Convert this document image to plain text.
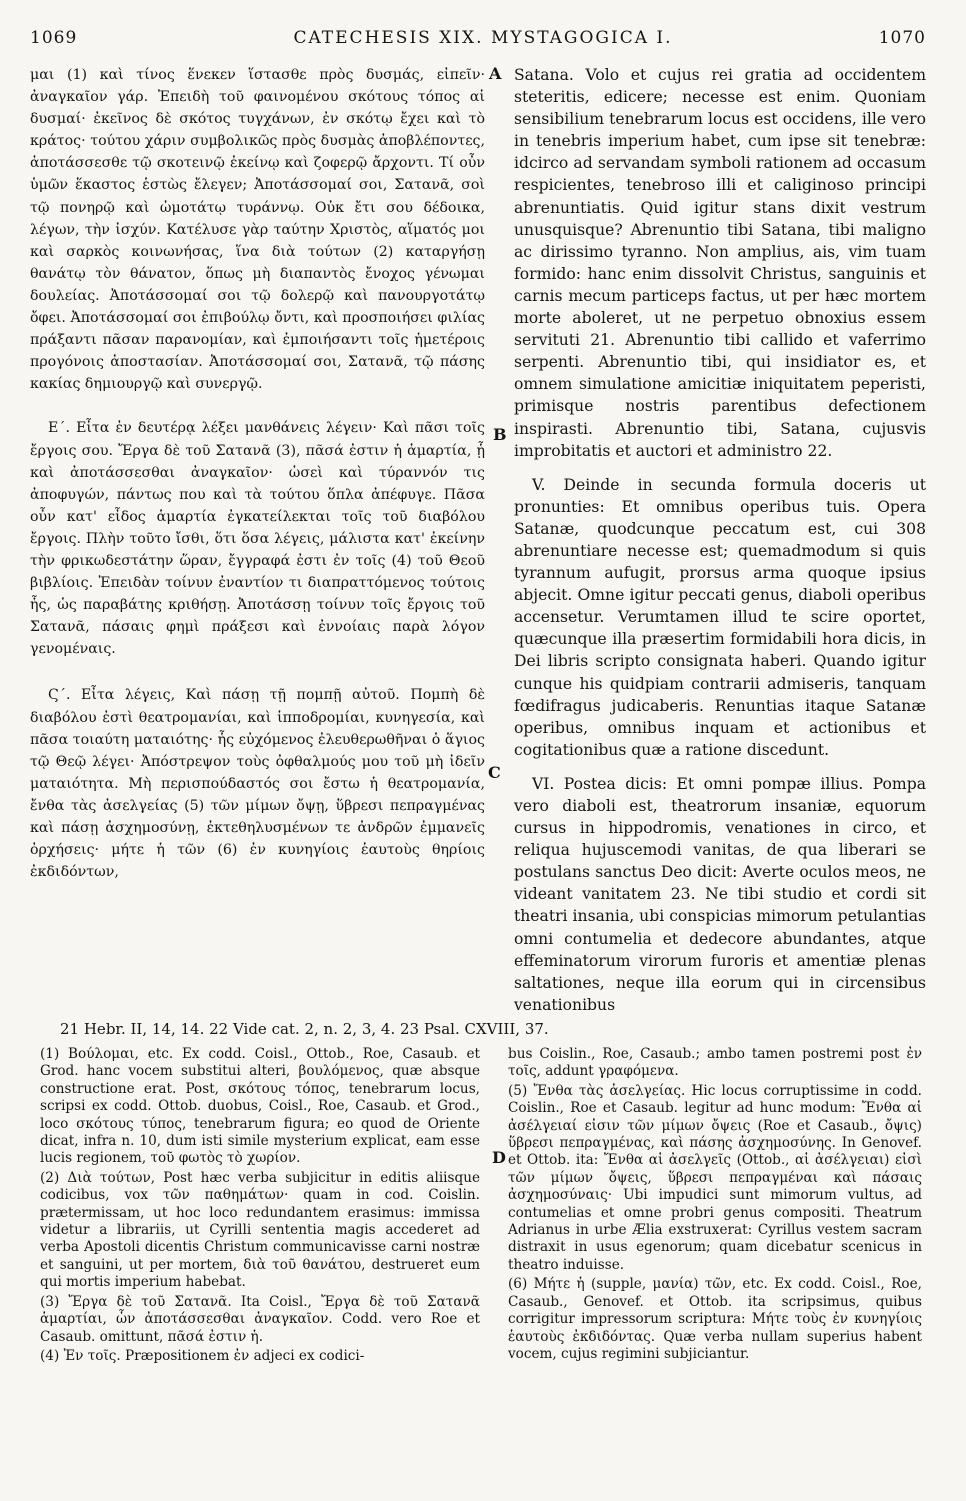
1069	CATECHESIS XIX. MYSTAGOGICA I.	1070
A
B
C
D

μαι (1) καὶ τίνος ἕνεκεν ἵστασθε πρὸς δυσμάς, εἰπεῖν· ἀναγκαῖον γάρ. Ἐπειδὴ τοῦ φαινομένου σκότους τόπος αἱ δυσμαί· ἐκεῖνος δὲ σκότος τυγχάνων, ἐν σκότῳ ἔχει καὶ τὸ κράτος· τούτου χάριν συμβολικῶς πρὸς δυσμὰς ἀποβλέποντες, ἀποτάσσεσθε τῷ σκοτεινῷ ἐκείνῳ καὶ ζοφερῷ ἄρχοντι. Τί οὖν ὑμῶν ἕκαστος ἑστὼς ἔλεγεν; Ἀποτάσσομαί σοι, Σατανᾶ, σοὶ τῷ πονηρῷ καὶ ὠμοτάτῳ τυράννῳ. Οὐκ ἔτι σου δέδοικα, λέγων, τὴν ἰσχύν. Κατέλυσε γὰρ ταύτην Χριστὸς, αἵματός μοι καὶ σαρκὸς κοινωνήσας, ἵνα διὰ τούτων (2) καταργήσῃ θανάτῳ τὸν θάνατον, ὅπως μὴ διαπαντὸς ἔνοχος γένωμαι δουλείας. Ἀποτάσσομαί σοι τῷ δολερῷ καὶ πανουργοτάτῳ ὄφει. Ἀποτάσσομαί σοι ἐπιβούλῳ ὄντι, καὶ προσποιήσει φιλίας πράξαντι πᾶσαν παρανομίαν, καὶ ἐμποιήσαντι τοῖς ἡμετέροις προγόνοις ἀποστασίαν. Ἀποτάσσομαί σοι, Σατανᾶ, τῷ πάσης κακίας δημιουργῷ καὶ συνεργῷ.

Ε΄. Εἶτα ἐν δευτέρᾳ λέξει μανθάνεις λέγειν· Καὶ πᾶσι τοῖς ἔργοις σου. Ἔργα δὲ τοῦ Σατανᾶ (3), πᾶσά ἐστιν ἡ ἁμαρτία, ᾗ καὶ ἀποτάσσεσθαι ἀναγκαῖον· ὡσεὶ καὶ τύραννόν τις ἀποφυγών, πάντως που καὶ τὰ τούτου ὅπλα ἀπέφυγε. Πᾶσα οὖν κατ' εἶδος ἁμαρτία ἐγκατείλεκται τοῖς τοῦ διαβόλου ἔργοις. Πλὴν τοῦτο ἴσθι, ὅτι ὅσα λέγεις, μάλιστα κατ' ἐκείνην τὴν φρικωδεστάτην ὥραν, ἔγγραφά ἐστι ἐν τοῖς (4) τοῦ Θεοῦ βιβλίοις. Ἐπειδὰν τοίνυν ἐναντίον τι διαπραττόμενος τούτοις ἧς, ὡς παραβάτης κριθήσῃ. Ἀποτάσσῃ τοίνυν τοῖς ἔργοις τοῦ Σατανᾶ, πάσαις φημὶ πράξεσι καὶ ἐννοίαις παρὰ λόγον γενομέναις.

Ϛ΄. Εἶτα λέγεις, Καὶ πάσῃ τῇ πομπῇ αὐτοῦ. Πομπὴ δὲ διαβόλου ἐστὶ θεατρομανίαι, καὶ ἱπποδρομίαι, κυνηγεσία, καὶ πᾶσα τοιαύτη ματαιότης· ἧς εὐχόμενος ἐλευθερωθῆναι ὁ ἅγιος τῷ Θεῷ λέγει· Ἀπόστρεψον τοὺς ὀφθαλμούς μου τοῦ μὴ ἰδεῖν ματαιότητα. Μὴ περισπούδαστός σοι ἔστω ἡ θεατρομανία, ἔνθα τὰς ἀσελγείας (5) τῶν μίμων ὄψῃ, ὕβρεσι πεπραγμένας καὶ πάσῃ ἀσχημοσύνῃ, ἐκτεθηλυσμένων τε ἀνδρῶν ἐμμανεῖς ὀρχήσεις· μήτε ἡ τῶν (6) ἐν κυνηγίοις ἑαυτοὺς θηρίοις ἐκδιδόντων,

Satana. Volo et cujus rei gratia ad occidentem steteritis, edicere; necesse est enim. Quoniam sensibilium tenebrarum locus est occidens, ille vero in tenebris imperium habet, cum ipse sit tenebræ: idcirco ad servandam symboli rationem ad occasum respicientes, tenebroso illi et caliginoso principi abrenuntiatis. Quid igitur stans dixit vestrum unusquisque? Abrenuntio tibi Satana, tibi maligno ac dirissimo tyranno. Non amplius, ais, vim tuam formido: hanc enim dissolvit Christus, sanguinis et carnis mecum particeps factus, ut per hæc mortem morte aboleret, ut ne perpetuo obnoxius essem servituti 21. Abrenuntio tibi callido et vaferrimo serpenti. Abrenuntio tibi, qui insidiator es, et omnem simulatione amicitiæ iniquitatem peperisti, primisque nostris parentibus defectionem inspirasti. Abrenuntio tibi, Satana, cujusvis improbitatis et auctori et administro 22.

V. Deinde in secunda formula doceris ut pronunties: Et omnibus operibus tuis. Opera Satanæ, quodcunque peccatum est, cui 308 abrenuntiare necesse est; quemadmodum si quis tyrannum aufugit, prorsus arma quoque ipsius abjecit. Omne igitur peccati genus, diaboli operibus accensetur. Verumtamen illud te scire oportet, quæcunque illa præsertim formidabili hora dicis, in Dei libris scripto consignata haberi. Quando igitur cunque his quidpiam contrarii admiseris, tanquam fœdifragus judicaberis. Renuntias itaque Satanæ operibus, omnibus inquam et actionibus et cogitationibus quæ a ratione discedunt.

VI. Postea dicis: Et omni pompæ illius. Pompa vero diaboli est, theatrorum insaniæ, equorum cursus in hippodromis, venationes in circo, et reliqua hujuscemodi vanitas, de qua liberari se postulans sanctus Deo dicit: Averte oculos meos, ne videant vanitatem 23. Ne tibi studio et cordi sit theatri insania, ubi conspicias mimorum petulantias omni contumelia et dedecore abundantes, atque effeminatorum virorum furoris et amentiæ plenas saltationes, neque illa eorum qui in circensibus venationibus

21 Hebr. II, 14, 14. 22 Vide cat. 2, n. 2, 3, 4. 23 Psal. CXVIII, 37.

(1) Βούλομαι, etc. Ex codd. Coisl., Ottob., Roe, Casaub. et Grod. hanc vocem substitui alteri, βουλόμενος, quæ absque constructione erat. Post, σκότους τόπος, tenebrarum locus, scripsi ex codd. Ottob. duobus, Coisl., Roe, Casaub. et Grod., loco σκότους τύπος, tenebrarum figura; eo quod de Oriente dicat, infra n. 10, dum isti simile mysterium explicat, eam esse lucis regionem, τοῦ φωτὸς τὸ χωρίον.

(2) Διὰ τούτων, Post hæc verba subjicitur in editis aliisque codicibus, vox τῶν παθημάτων· quam in cod. Coislin. prætermissam, ut hoc loco redundantem erasimus: immissa videtur a librariis, ut Cyrilli sententia magis accederet ad verba Apostoli dicentis Christum communicavisse carni nostræ et sanguini, ut per mortem, διὰ τοῦ θανάτου, destrueret eum qui mortis imperium habebat.

(3) Ἔργα δὲ τοῦ Σατανᾶ. Ita Coisl., Ἔργα δὲ τοῦ Σατανᾶ ἁμαρτίαι, ὧν ἀποτάσσεσθαι ἀναγκαῖον. Codd. vero Roe et Casaub. omittunt, πᾶσά ἐστιν ἡ.

(4) Ἐν τοῖς. Præpositionem ἐν adjeci ex codici-

bus Coislin., Roe, Casaub.; ambo tamen postremi post ἐν τοῖς, addunt γραφόμενα.

(5) Ἔνθα τὰς ἀσελγείας. Hic locus corruptissime in codd. Coislin., Roe et Casaub. legitur ad hunc modum: Ἔνθα αἱ ἀσέλγειαί εἰσιν τῶν μίμων ὄψεις (Roe et Casaub., ὄψις) ὕβρεσι πεπραγμένας, καὶ πάσης ἀσχημοσύνης. In Genovef. et Ottob. ita: Ἔνθα αἱ ἀσελγεῖς (Ottob., αἱ ἀσέλγειαι) εἰσὶ τῶν μίμων ὄψεις, ὕβρεσι πεπραγμέναι καὶ πάσαις ἀσχημοσύναις· Ubi impudici sunt mimorum vultus, ad contumelias et omne probri genus compositi. Theatrum Adrianus in urbe Ælia exstruxerat: Cyrillus vestem sacram distraxit in usus egenorum; quam dicebatur scenicus in theatro induisse.

(6) Μήτε ἡ (supple, μανία) τῶν, etc. Ex codd. Coisl., Roe, Casaub., Genovef. et Ottob. ita scripsimus, quibus corrigitur impressorum scriptura: Μήτε τοὺς ἐν κυνηγίοις ἑαυτοὺς ἐκδιδόντας. Quæ verba nullam superius habent vocem, cujus regimini subjiciantur.
